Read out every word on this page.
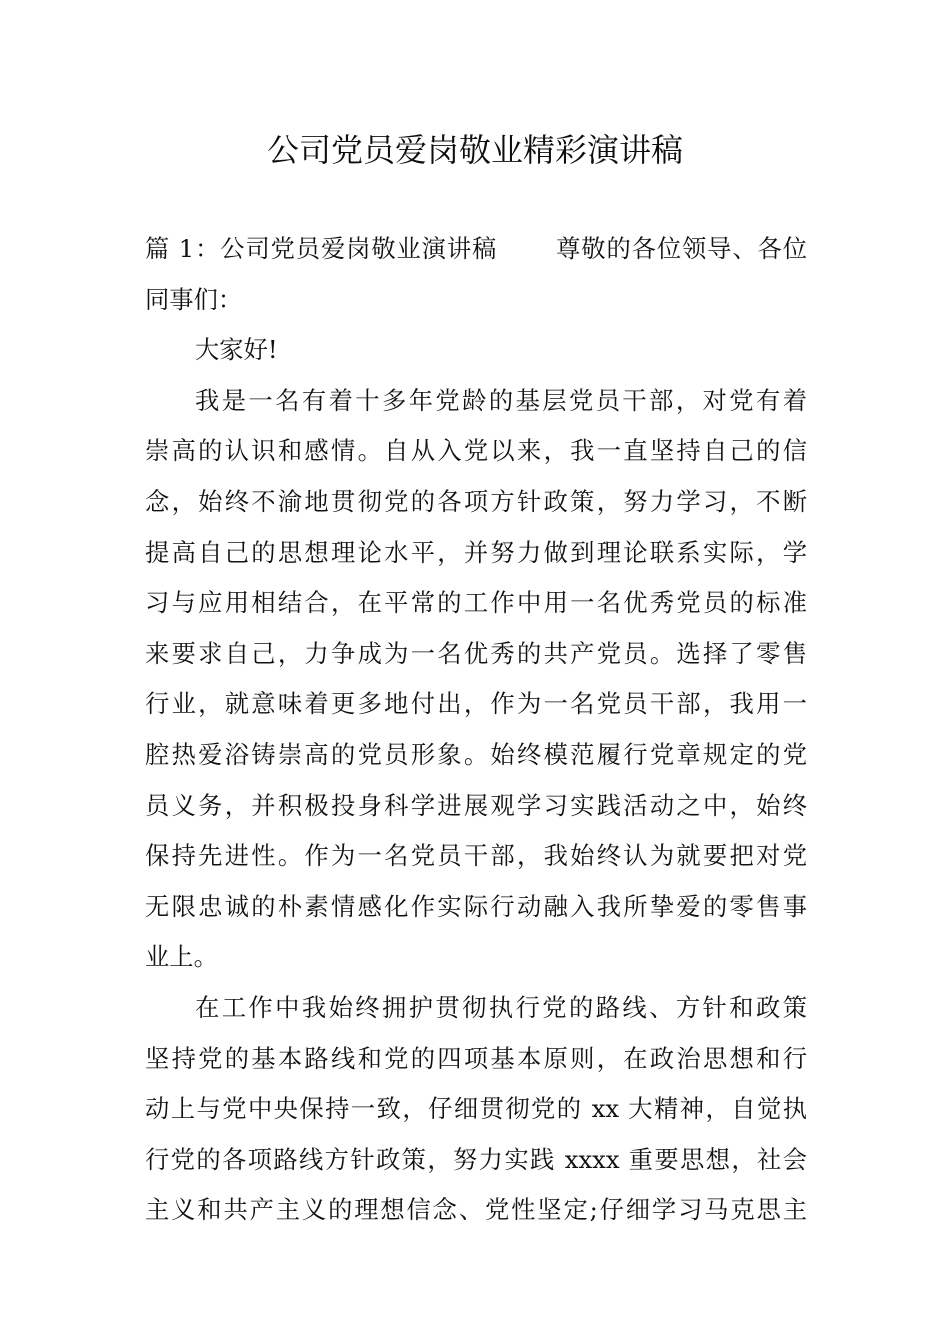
公司党员爱岗敬业精彩演讲稿
篇 1：公司党员爱岗敬业演讲稿　　 尊敬的各位领导、各位
同事们：
大家好!
我是一名有着十多年党龄的基层党员干部，对党有着
崇高的认识和感情。自从入党以来，我一直坚持自己的信
念，始终不渝地贯彻党的各项方针政策，努力学习，不断
提高自己的思想理论水平，并努力做到理论联系实际，学
习与应用相结合，在平常的工作中用一名优秀党员的标准
来要求自己，力争成为一名优秀的共产党员。选择了零售
行业，就意味着更多地付出，作为一名党员干部，我用一
腔热爱浴铸崇高的党员形象。始终模范履行党章规定的党
员义务，并积极投身科学进展观学习实践活动之中，始终
保持先进性。作为一名党员干部，我始终认为就要把对党
无限忠诚的朴素情感化作实际行动融入我所挚爱的零售事
业上。
在工作中我始终拥护贯彻执行党的路线、方针和政策
坚持党的基本路线和党的四项基本原则，在政治思想和行
动上与党中央保持一致，仔细贯彻党的 xx 大精神，自觉执
行党的各项路线方针政策，努力实践 xxxx 重要思想，社会
主义和共产主义的理想信念、党性坚定;仔细学习马克思主
